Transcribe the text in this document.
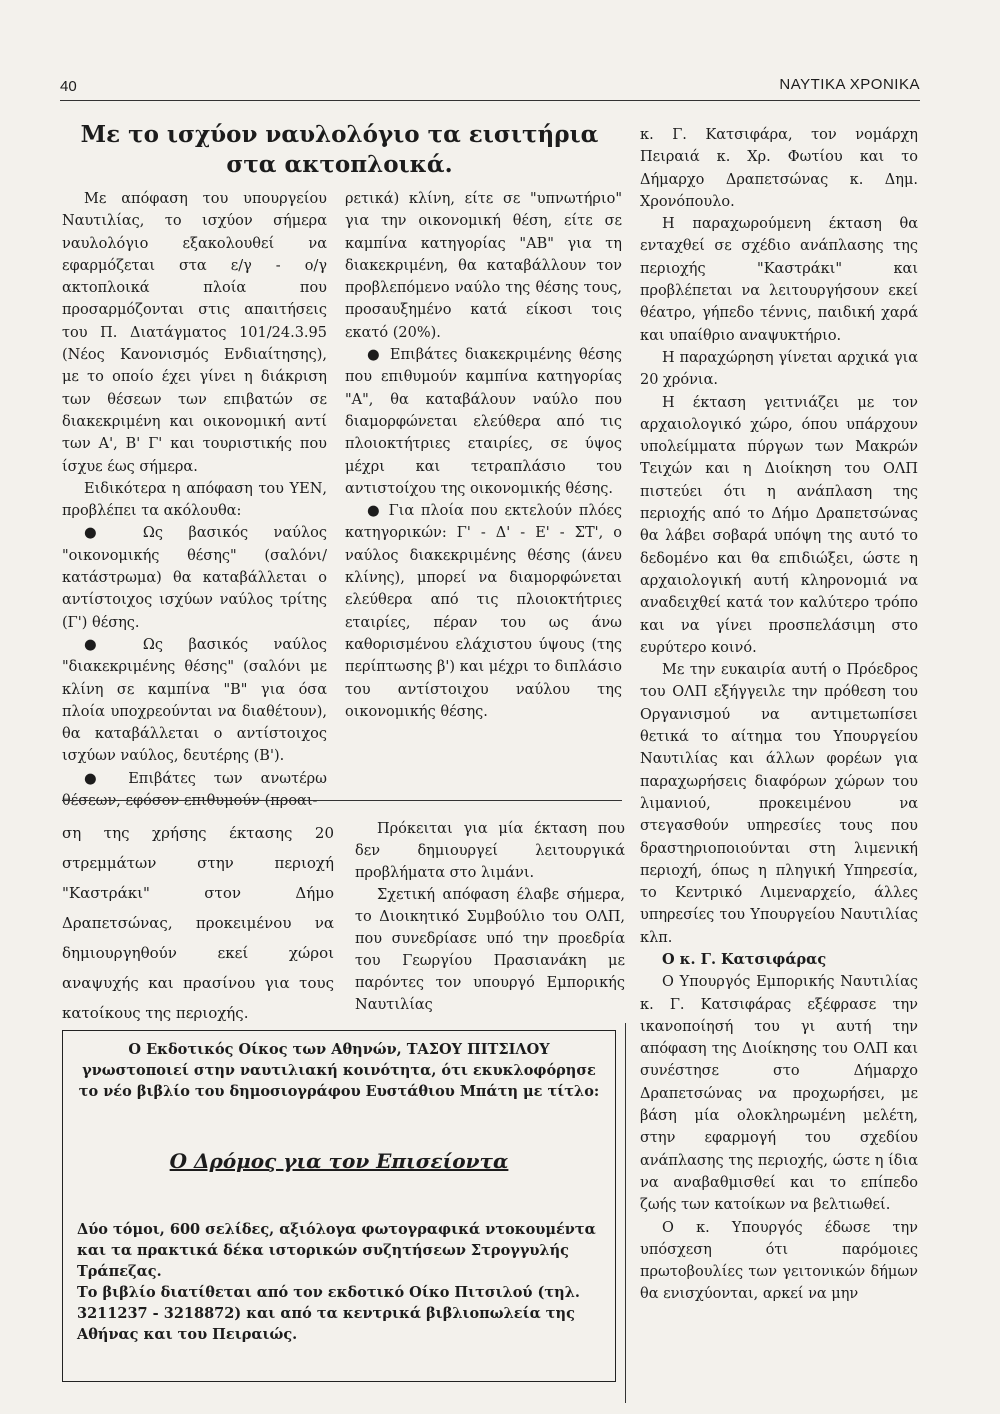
40	ΝΑΥΤΙΚΑ ΧΡΟΝΙΚΑ
Με το ισχύον ναυλολόγιο τα εισιτήρια στα ακτοπλοικά.

Με απόφαση του υπουργείου Ναυτιλίας, το ισχύον σήμερα ναυλολόγιο εξακολουθεί να εφαρμόζεται στα ε/γ - ο/γ ακτοπλοικά πλοία που προσαρμόζονται στις απαιτήσεις του Π. Διατάγματος 101/24.3.95 (Νέος Κανονισμός Ενδιαίτησης), με το οποίο έχει γίνει η διάκριση των θέσεων των επιβατών σε διακεκριμένη και οικονομική αντί των Α', Β' Γ' και τουριστικής που ίσχυε έως σήμερα.

Ειδικότερα η απόφαση του ΥΕΝ, προβλέπει τα ακόλουθα:

● Ως βασικός ναύλος "οικονομικής θέσης" (σαλόνι/κατάστρωμα) θα καταβάλλεται ο αντίστοιχος ισχύων ναύλος τρίτης (Γ') θέσης.

● Ως βασικός ναύλος "διακεκριμένης θέσης" (σαλόνι με κλίνη σε καμπίνα "Β" για όσα πλοία υποχρεούνται να διαθέτουν), θα καταβάλλεται ο αντίστοιχος ισχύων ναύλος, δευτέρης (Β').

● Επιβάτες των ανωτέρω θέσεων, εφόσον επιθυμούν (προαι-

ρετικά) κλίνη, είτε σε "υπνωτήριο" για την οικονομική θέση, είτε σε καμπίνα κατηγορίας "ΑΒ" για τη διακεκριμένη, θα καταβάλλουν τον προβλεπόμενο ναύλο της θέσης τους, προσαυξημένο κατά είκοσι τοις εκατό (20%).

● Επιβάτες διακεκριμένης θέσης που επιθυμούν καμπίνα κατηγορίας "Α", θα καταβάλουν ναύλο που διαμορφώνεται ελεύθερα από τις πλοιοκτήτριες εταιρίες, σε ύψος μέχρι και τετραπλάσιο του αντιστοίχου της οικονομικής θέσης.

● Για πλοία που εκτελούν πλόες κατηγορικών: Γ' - Δ' - Ε' - ΣΤ', ο ναύλος διακεκριμένης θέσης (άνευ κλίνης), μπορεί να διαμορφώνεται ελεύθερα από τις πλοιοκτήτριες εταιρίες, πέραν του ως άνω καθορισμένου ελάχιστου ύψους (της περίπτωσης β') και μέχρι το διπλάσιο του αντίστοιχου ναύλου της οικονομικής θέσης.

κ. Γ. Κατσιφάρα, τον νομάρχη Πειραιά κ. Χρ. Φωτίου και το Δήμαρχο Δραπετσώνας κ. Δημ. Χρονόπουλο.

Η παραχωρούμενη έκταση θα ενταχθεί σε σχέδιο ανάπλασης της περιοχής "Καστράκι" και προβλέπεται να λειτουργήσουν εκεί θέατρο, γήπεδο τέννις, παιδική χαρά και υπαίθριο αναψυκτήριο.

Η παραχώρηση γίνεται αρχικά για 20 χρόνια.

Η έκταση γειτνιάζει με τον αρχαιολογικό χώρο, όπου υπάρχουν υπολείμματα πύργων των Μακρών Τειχών και η Διοίκηση του ΟΛΠ πιστεύει ότι η ανάπλαση της περιοχής από το Δήμο Δραπετσώνας θα λάβει σοβαρά υπόψη της αυτό το δεδομένο και θα επιδιώξει, ώστε η αρχαιολογική αυτή κληρονομιά να αναδειχθεί κατά τον καλύτερο τρόπο και να γίνει προσπελάσιμη στο ευρύτερο κοινό.

Με την ευκαιρία αυτή ο Πρόεδρος του ΟΛΠ εξήγγειλε την πρόθεση του Οργανισμού να αντιμετωπίσει θετικά το αίτημα του Υπουργείου Ναυτιλίας και άλλων φορέων για παραχωρήσεις διαφόρων χώρων του λιμανιού, προκειμένου να στεγασθούν υπηρεσίες τους που δραστηριοποιούνται στη λιμενική περιοχή, όπως η πληγική Υπηρεσία, το Κεντρικό Λιμεναρχείο, άλλες υπηρεσίες του Υπουργείου Ναυτιλίας κλπ.

Ο κ. Γ. Κατσιφάρας

Ο Υπουργός Εμπορικής Ναυτιλίας κ. Γ. Κατσιφάρας εξέφρασε την ικανοποίησή του γι αυτή την απόφαση της Διοίκησης του ΟΛΠ και συνέστησε στο Δήμαρχο Δραπετσώνας να προχωρήσει, με βάση μία ολοκληρωμένη μελέτη, στην εφαρμογή του σχεδίου ανάπλασης της περιοχής, ώστε η ίδια να αναβαθμισθεί και το επίπεδο ζωής των κατοίκων να βελτιωθεί.

Ο κ. Υπουργός έδωσε την υπόσχεση ότι παρόμοιες πρωτοβουλίες των γειτονικών δήμων θα ενισχύονται, αρκεί να μην

ση της χρήσης έκτασης 20 στρεμμάτων στην περιοχή "Καστράκι" στον Δήμο Δραπετσώνας, προκειμένου να δημιουργηθούν εκεί χώροι αναψυχής και πρασίνου για τους κατοίκους της περιοχής.

Πρόκειται για μία έκταση που δεν δημιουργεί λειτουργικά προβλήματα στο λιμάνι.

Σχετική απόφαση έλαβε σήμερα, το Διοικητικό Συμβούλιο του ΟΛΠ, που συνεδρίασε υπό την προεδρία του Γεωργίου Πρασιανάκη με παρόντες τον υπουργό Εμπορικής Ναυτιλίας

Ο Εκδοτικός Οίκος των Αθηνών, ΤΑΣΟΥ ΠΙΤΣΙΛΟΥ γνωστοποιεί στην ναυτιλιακή κοινότητα, ότι εκυκλοφόρησε το νέο βιβλίο του δημοσιογράφου Ευστάθιου Μπάτη με τίτλο:
Ο Δρόμος για τον Επισείοντα
Δύο τόμοι, 600 σελίδες, αξιόλογα φωτογραφικά ντοκουμέντα και τα πρακτικά δέκα ιστορικών συζητήσεων Στρογγυλής Τράπεζας.
Το βιβλίο διατίθεται από τον εκδοτικό Οίκο Πιτσιλού (τηλ. 3211237 - 3218872) και από τα κεντρικά βιβλιοπωλεία της Αθήνας και του Πειραιώς.
